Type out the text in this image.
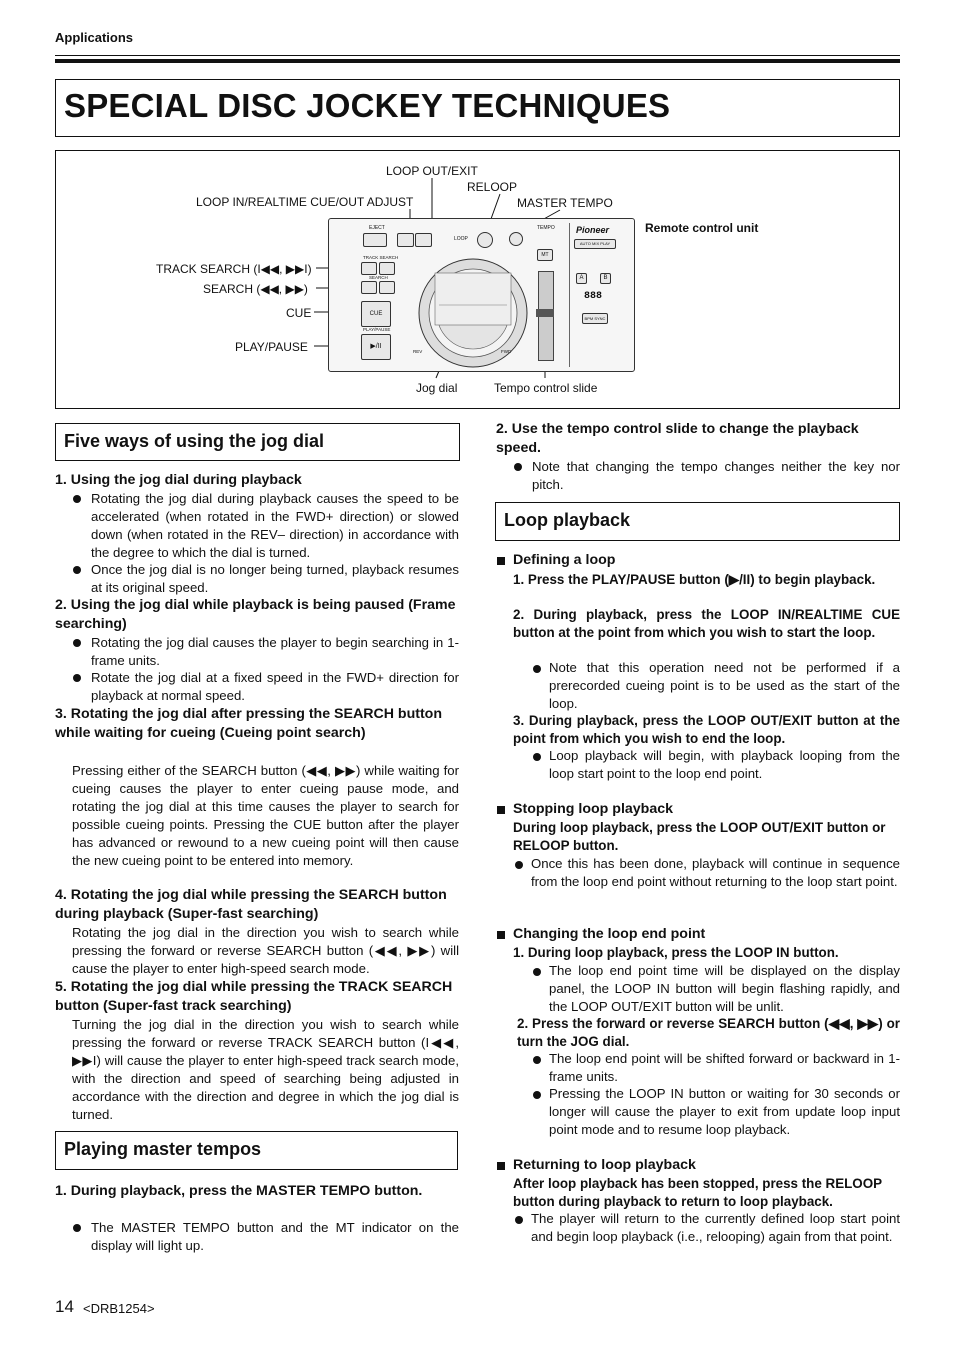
Applications
SPECIAL DISC JOCKEY TECHNIQUES
LOOP OUT/EXIT
RELOOP
LOOP IN/REALTIME CUE/OUT ADJUST	MASTER TEMPO
Remote control unit
TRACK SEARCH (I◀◀, ▶▶I)
SEARCH (◀◀, ▶▶)
CUE
PLAY/PAUSE
Jog dial	Tempo control slide
EJECT
TRACK SEARCH
SEARCH
CUE
PLAY/PAUSE
▶/II
LOOP
REV	FWD
TEMPO
MT
Pioneer
AUTO MIX PLAY
A	B
888
BPM SYNC
Five ways of using the jog dial
1. Using the jog dial during playback
Rotating the jog dial during playback causes the speed to be accelerated (when rotated in the FWD+ direction) or slowed down (when rotated in the REV– direction) in accordance with the degree to which the dial is turned.
Once the jog dial is no longer being turned, playback resumes at its original speed.
2. Using the jog dial while playback is being paused (Frame searching)
Rotating the jog dial causes the player to begin searching in 1-frame units.
Rotate the jog dial at a fixed speed in the FWD+ direction for playback at normal speed.
3. Rotating the jog dial after pressing the SEARCH button while waiting for cueing (Cueing point search)
Pressing either of the SEARCH button (◀◀, ▶▶) while waiting for cueing causes the player to enter cueing pause mode, and rotating the jog dial at this time causes the player to search for possible cueing points. Pressing the CUE button after the player has advanced or rewound to a new cueing point will then cause the new cueing point to be entered into memory.
4. Rotating the jog dial while pressing the SEARCH button during playback (Super-fast searching)
Rotating the jog dial in the direction you wish to search while pressing the forward or reverse SEARCH button (◀◀, ▶▶) will cause the player to enter high-speed search mode.
5. Rotating the jog dial while pressing the TRACK SEARCH button (Super-fast track searching)
Turning the jog dial in the direction you wish to search while pressing the forward or reverse TRACK SEARCH button (I◀◀, ▶▶I) will cause the player to enter high-speed track search mode, with the direction and speed of searching being adjusted in accordance with the direction and degree in which the jog dial is turned.
Playing master tempos
1. During playback, press the MASTER TEMPO button.
The MASTER TEMPO button and the MT indicator on the display will light up.
2. Use the tempo control slide to change the playback speed.
Note that changing the tempo changes neither the key nor pitch.
Loop playback
Defining a loop
1. Press the PLAY/PAUSE button (▶/II) to begin playback.
2. During playback, press the LOOP IN/REALTIME CUE button at the point from which you wish to start the loop.
Note that this operation need not be performed if a prerecorded cueing point is to be used as the start of the loop.
3. During playback, press the LOOP OUT/EXIT button at the point from which you wish to end the loop.
Loop playback will begin, with playback looping from the loop start point to the loop end point.
Stopping loop playback
During loop playback, press the LOOP OUT/EXIT button or RELOOP button.
Once this has been done, playback will continue in sequence from the loop end point without returning to the loop start point.
Changing the loop end point
1. During loop playback, press the LOOP IN button.
The loop end point time will be displayed on the display panel, the LOOP IN button will begin flashing rapidly, and the LOOP OUT/EXIT button will be unlit.
2. Press the forward or reverse SEARCH button (◀◀, ▶▶) or turn the JOG dial.
The loop end point will be shifted forward or backward in 1-frame units.
Pressing the LOOP IN button or waiting for 30 seconds or longer will cause the player to exit from update loop input point mode and to resume loop playback.
Returning to loop playback
After loop playback has been stopped, press the RELOOP button during playback to return to loop playback.
The player will return to the currently defined loop start point and begin loop playback (i.e., relooping) again from that point.
14 <DRB1254>
